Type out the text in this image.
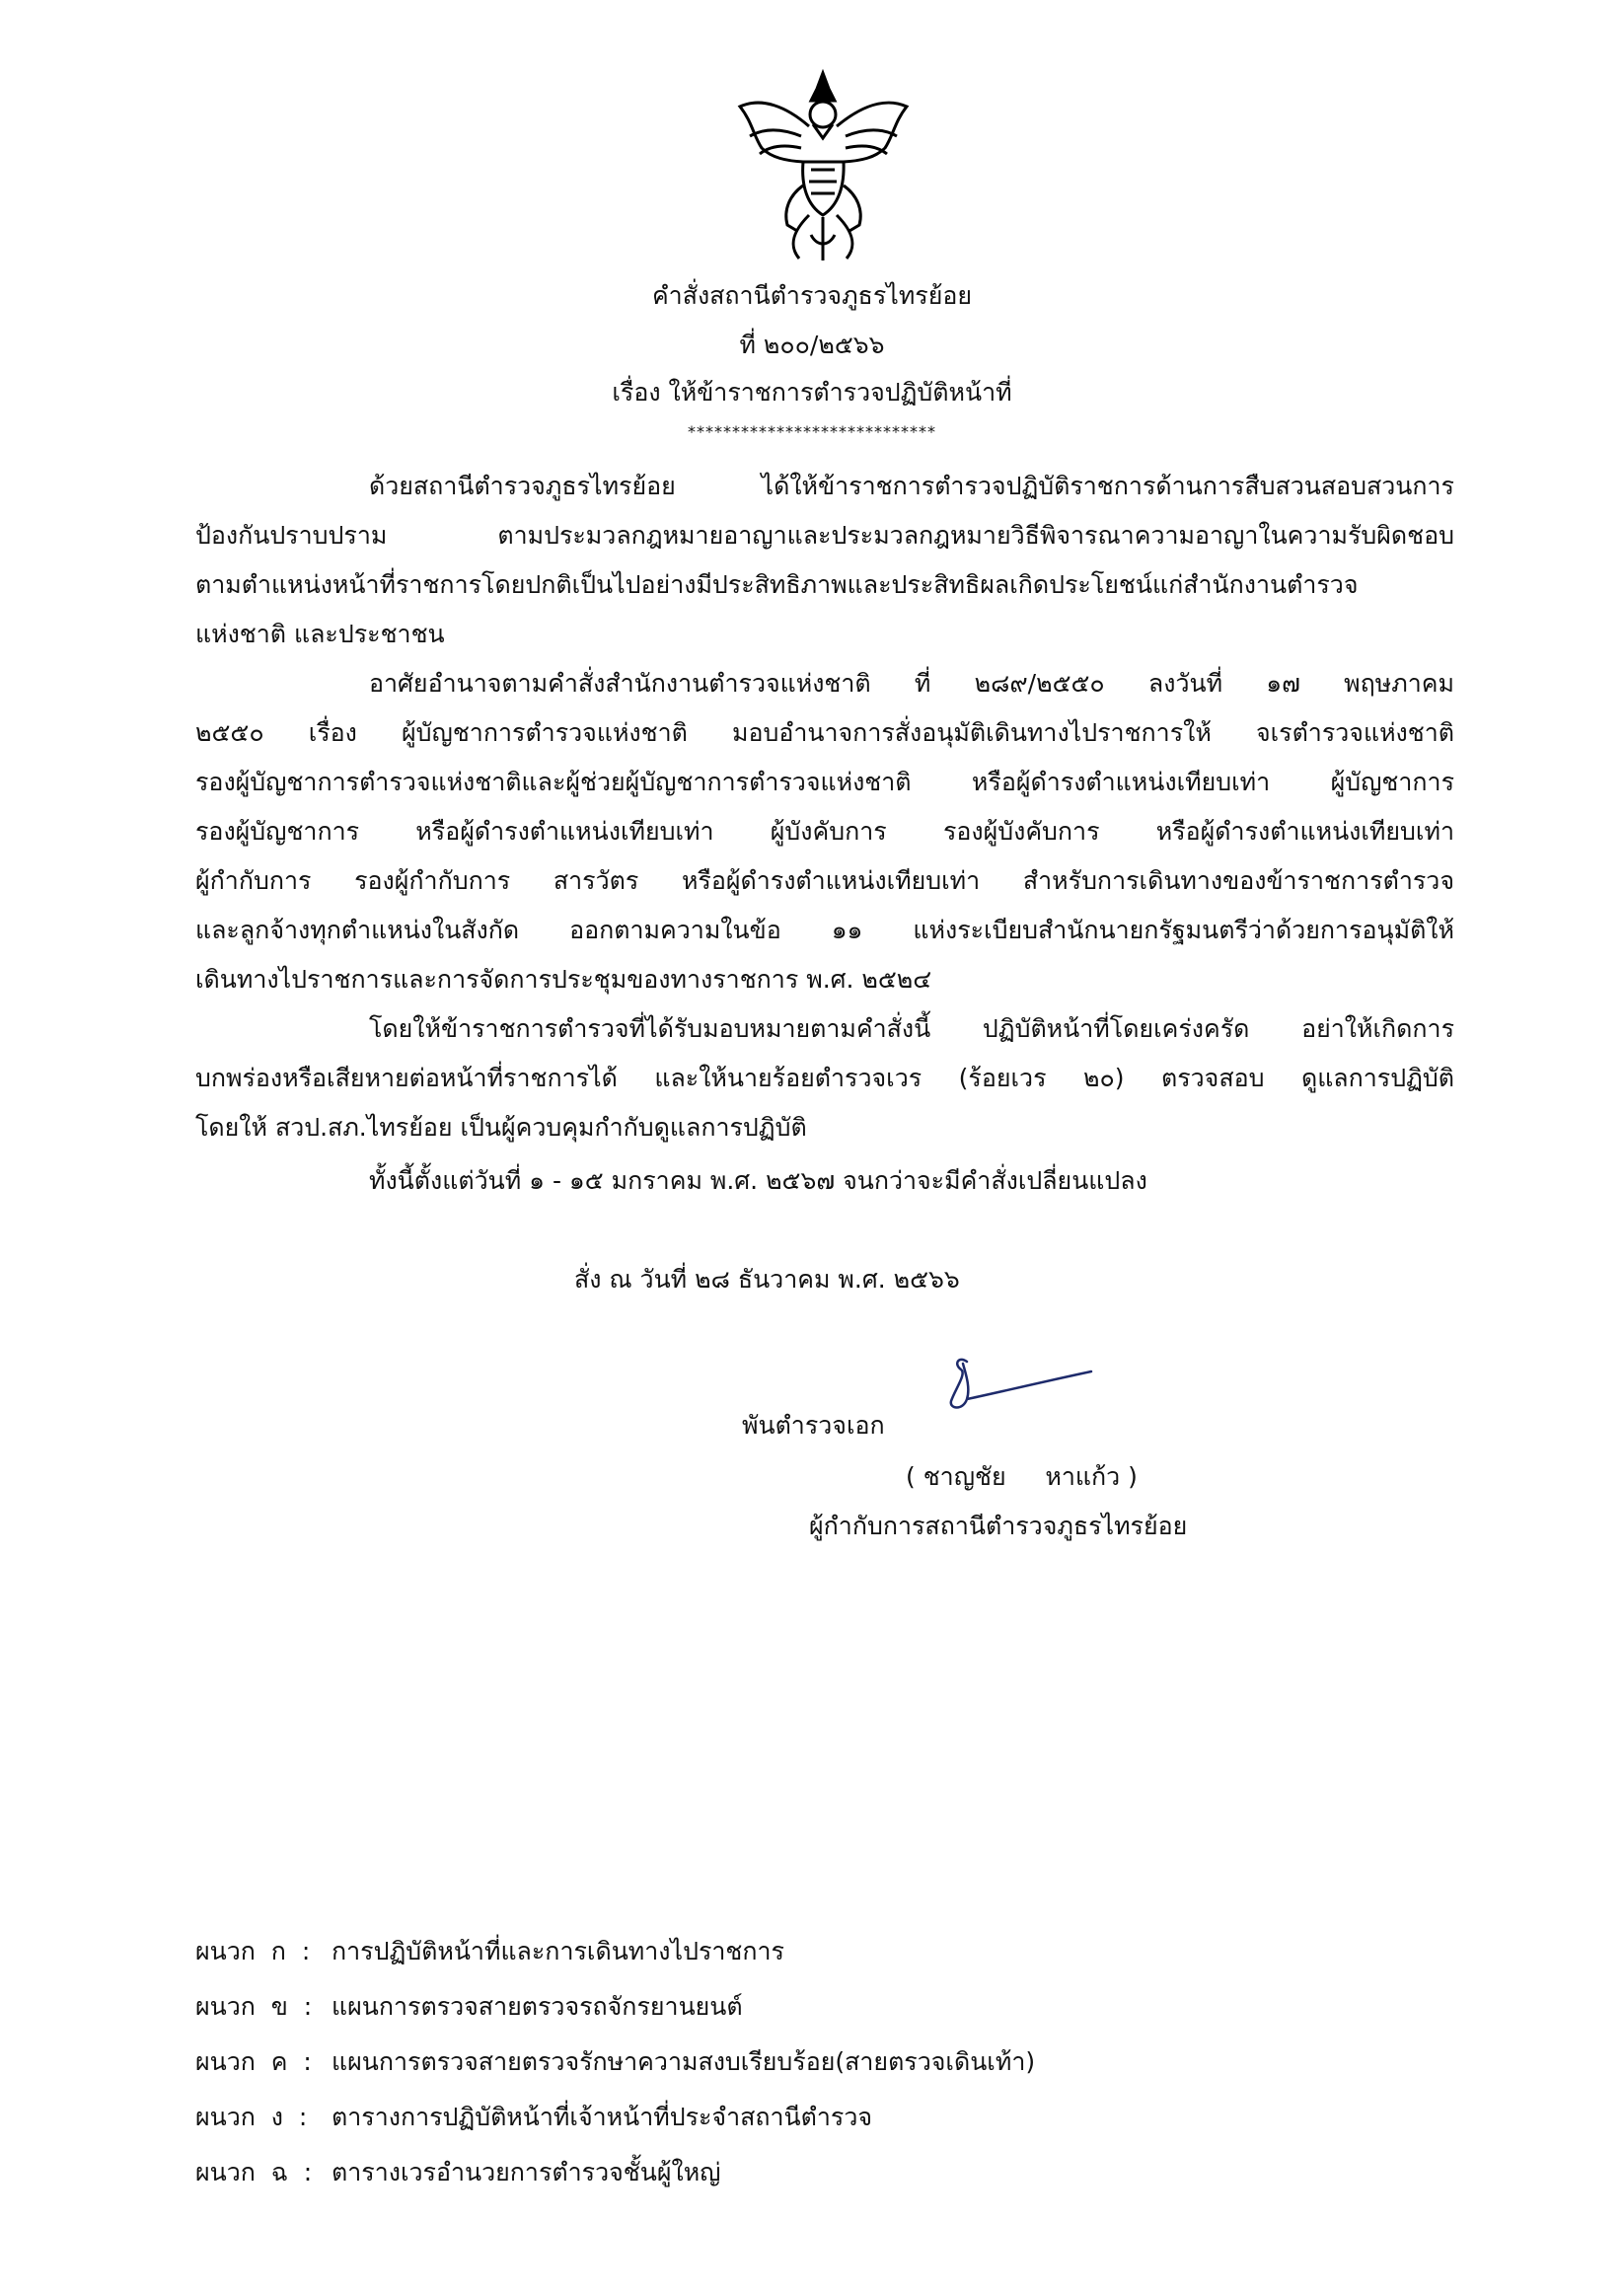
คำสั่งสถานีตำรวจภูธรไทรย้อย
ที่ ๒๐๐/๒๕๖๖
เรื่อง ให้ข้าราชการตำรวจปฏิบัติหน้าที่
****************************
ด้วยสถานีตำรวจภูธรไทรย้อย ได้ให้ข้าราชการตำรวจปฏิบัติราชการด้านการสืบสวนสอบสวนการ
ป้องกันปราบปราม ตามประมวลกฎหมายอาญาและประมวลกฎหมายวิธีพิจารณาความอาญาในความรับผิดชอบ
ตามตำแหน่งหน้าที่ราชการโดยปกติเป็นไปอย่างมีประสิทธิภาพและประสิทธิผลเกิดประโยชน์แก่สำนักงานตำรวจ
แห่งชาติ และประชาชน
อาศัยอำนาจตามคำสั่งสำนักงานตำรวจแห่งชาติ ที่ ๒๘๙/๒๕๕๐ ลงวันที่ ๑๗ พฤษภาคม
๒๕๕๐ เรื่อง ผู้บัญชาการตำรวจแห่งชาติ มอบอำนาจการสั่งอนุมัติเดินทางไปราชการให้ จเรตำรวจแห่งชาติ
รองผู้บัญชาการตำรวจแห่งชาติและผู้ช่วยผู้บัญชาการตำรวจแห่งชาติ หรือผู้ดำรงตำแหน่งเทียบเท่า ผู้บัญชาการ
รองผู้บัญชาการ หรือผู้ดำรงตำแหน่งเทียบเท่า ผู้บังคับการ รองผู้บังคับการ หรือผู้ดำรงตำแหน่งเทียบเท่า
ผู้กำกับการ รองผู้กำกับการ สารวัตร หรือผู้ดำรงตำแหน่งเทียบเท่า สำหรับการเดินทางของข้าราชการตำรวจ
และลูกจ้างทุกตำแหน่งในสังกัด ออกตามความในข้อ ๑๑ แห่งระเบียบสำนักนายกรัฐมนตรีว่าด้วยการอนุมัติให้
เดินทางไปราชการและการจัดการประชุมของทางราชการ พ.ศ. ๒๕๒๔
โดยให้ข้าราชการตำรวจที่ได้รับมอบหมายตามคำสั่งนี้ ปฏิบัติหน้าที่โดยเคร่งครัด อย่าให้เกิดการ
บกพร่องหรือเสียหายต่อหน้าที่ราชการได้ และให้นายร้อยตำรวจเวร (ร้อยเวร ๒๐) ตรวจสอบ ดูแลการปฏิบัติ
โดยให้ สวป.สภ.ไทรย้อย เป็นผู้ควบคุมกำกับดูแลการปฏิบัติ
ทั้งนี้ตั้งแต่วันที่ ๑ - ๑๕ มกราคม พ.ศ. ๒๕๖๗ จนกว่าจะมีคำสั่งเปลี่ยนแปลง
สั่ง ณ วันที่ ๒๘ ธันวาคม พ.ศ. ๒๕๖๖
พันตำรวจเอก
( ชาญชัย     หาแก้ว )
ผู้กำกับการสถานีตำรวจภูธรไทรย้อย
ผนวก  ก  : การปฏิบัติหน้าที่และการเดินทางไปราชการ
ผนวก  ข  : แผนการตรวจสายตรวจรถจักรยานยนต์
ผนวก  ค  : แผนการตรวจสายตรวจรักษาความสงบเรียบร้อย(สายตรวจเดินเท้า)
ผนวก  ง  : ตารางการปฏิบัติหน้าที่เจ้าหน้าที่ประจำสถานีตำรวจ
ผนวก  ฉ  : ตารางเวรอำนวยการตำรวจชั้นผู้ใหญ่
